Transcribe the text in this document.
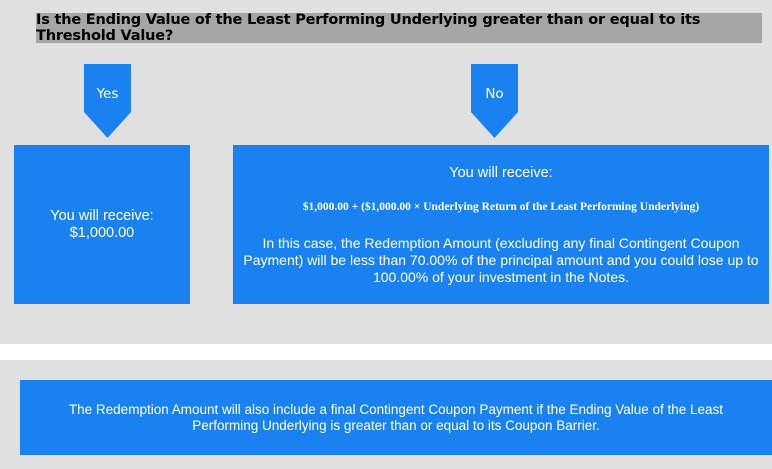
Is the Ending Value of the Least Performing Underlying greater than or equal to its Threshold Value?
Yes	No
You will receive:
$1,000.00
You will receive:
$1,000.00 + ($1,000.00 × Underlying Return of the Least Performing Underlying)
In this case, the Redemption Amount (excluding any final Contingent Coupon Payment) will be less than 70.00% of the principal amount and you could lose up to 100.00% of your investment in the Notes.
The Redemption Amount will also include a final Contingent Coupon Payment if the Ending Value of the Least Performing Underlying is greater than or equal to its Coupon Barrier.
